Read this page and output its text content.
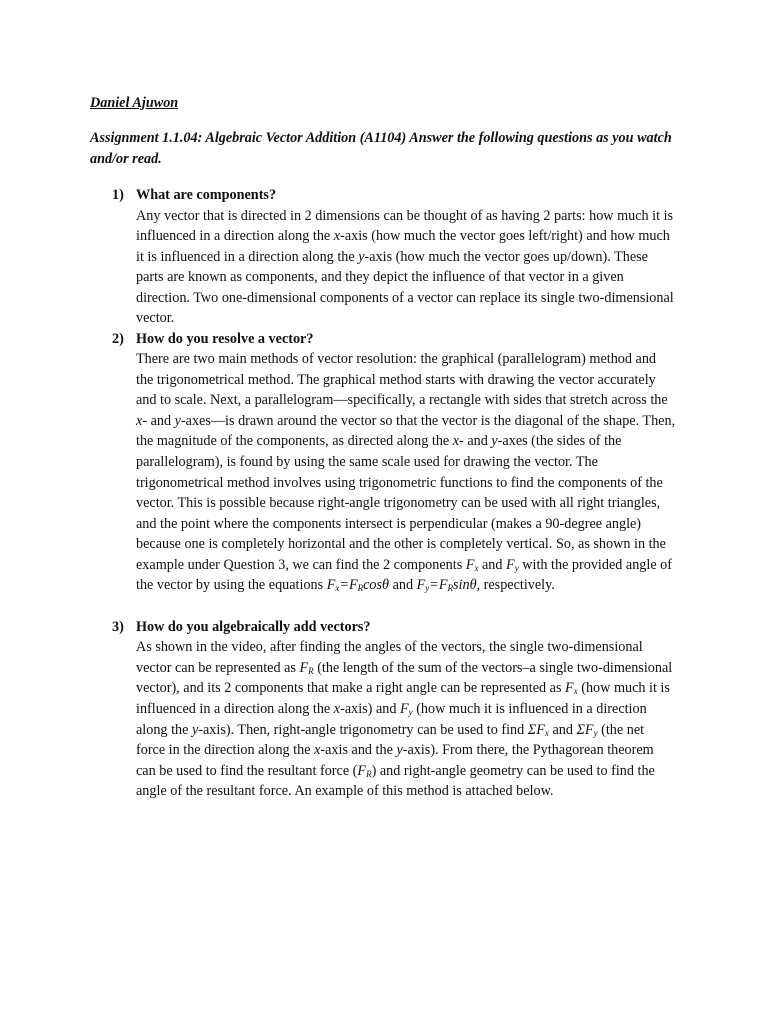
Daniel Ajuwon

Assignment 1.1.04: Algebraic Vector Addition (A1104) Answer the following questions as you watch and/or read.

1) What are components?

Any vector that is directed in 2 dimensions can be thought of as having 2 parts: how much it is influenced in a direction along the x-axis (how much the vector goes left/right) and how much it is influenced in a direction along the y-axis (how much the vector goes up/down). These parts are known as components, and they depict the influence of that vector in a given direction. Two one-dimensional components of a vector can replace its single two-dimensional vector.

2) How do you resolve a vector?

There are two main methods of vector resolution: the graphical (parallelogram) method and the trigonometrical method. The graphical method starts with drawing the vector accurately and to scale. Next, a parallelogram—specifically, a rectangle with sides that stretch across the x- and y-axes—is drawn around the vector so that the vector is the diagonal of the shape. Then, the magnitude of the components, as directed along the x- and y-axes (the sides of the parallelogram), is found by using the same scale used for drawing the vector. The trigonometrical method involves using trigonometric functions to find the components of the vector. This is possible because right-angle trigonometry can be used with all right triangles, and the point where the components intersect is perpendicular (makes a 90-degree angle) because one is completely horizontal and the other is completely vertical. So, as shown in the example under Question 3, we can find the 2 components $F_x$ and $F_y$ with the provided angle of the vector by using the equations $F_x=F_R\cos\theta$ and $F_y=F_R\sin\theta$, respectively.

3) How do you algebraically add vectors?

As shown in the video, after finding the angles of the vectors, the single two-dimensional vector can be represented as $F_R$ (the length of the sum of the vectors–a single two-dimensional vector), and its 2 components that make a right angle can be represented as $F_x$ (how much it is influenced in a direction along the x-axis) and $F_y$ (how much it is influenced in a direction along the y-axis). Then, right-angle trigonometry can be used to find $\Sigma F_x$ and $\Sigma F_y$ (the net force in the direction along the x-axis and the y-axis). From there, the Pythagorean theorem can be used to find the resultant force $(F_R)$ and right-angle geometry can be used to find the angle of the resultant force. An example of this method is attached below.
